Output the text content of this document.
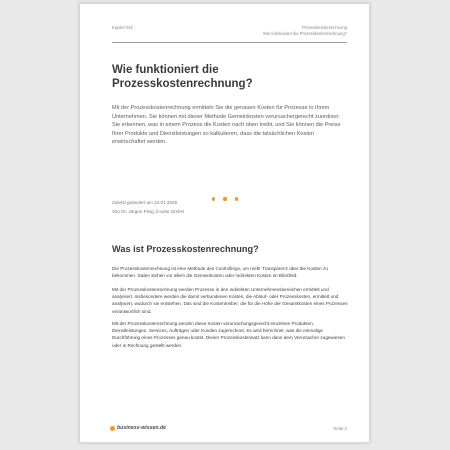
Kapitel 040	Prozesskostenrechnung
Wie funktioniert die Prozesskostenrechnung?
Wie funktioniert die
Prozesskostenrechnung?
Mit der Prozesskostenrechnung ermitteln Sie die genauen Kosten für Prozesse in Ihrem Unternehmen. Sie können mit dieser Methode Gemeinkosten verursachergerecht zuordnen: Sie erkennen, was in einem Prozess die Kosten nach oben treibt, und Sie können die Preise Ihrer Produkte und Dienstleistungen so kalkulieren, dass die tatsächlichen Kosten erwirtschaftet werden.
Zuletzt geändert am 24.01.2025
Von Dr. Jürgen Fleig, b-wise GmbH
Was ist Prozesskostenrechnung?
Die Prozesskostenrechnung ist eine Methode des Controllings, um mehr Transparenz über die Kosten zu bekommen. Dabei stehen vor allem die Gemeinkosten oder indirekten Kosten im Blickfeld.
Mit der Prozesskostenrechnung werden Prozesse in den indirekten Unternehmensbereichen ermittelt und analysiert. Insbesondere werden die damit verbundenen Kosten, die Ablauf- oder Prozesskosten, ermittelt und analysiert, wodurch sie entstehen. Das sind die Kostentreiber, die für die Höhe der Gesamtkosten eines Prozesses verantwortlich sind.
Mit der Prozesskostenrechnung werden diese Kosten verursachungsgerecht einzelnen Produkten, Dienstleistungen, Services, Aufträgen oder Kunden zugerechnet. Es wird berechnet, was die einmalige Durchführung eines Prozesses genau kostet. Dieser Prozesskostensatz kann dann dem Verursacher zugewiesen oder in Rechnung gestellt werden.
business-wissen.de	Seite 2
